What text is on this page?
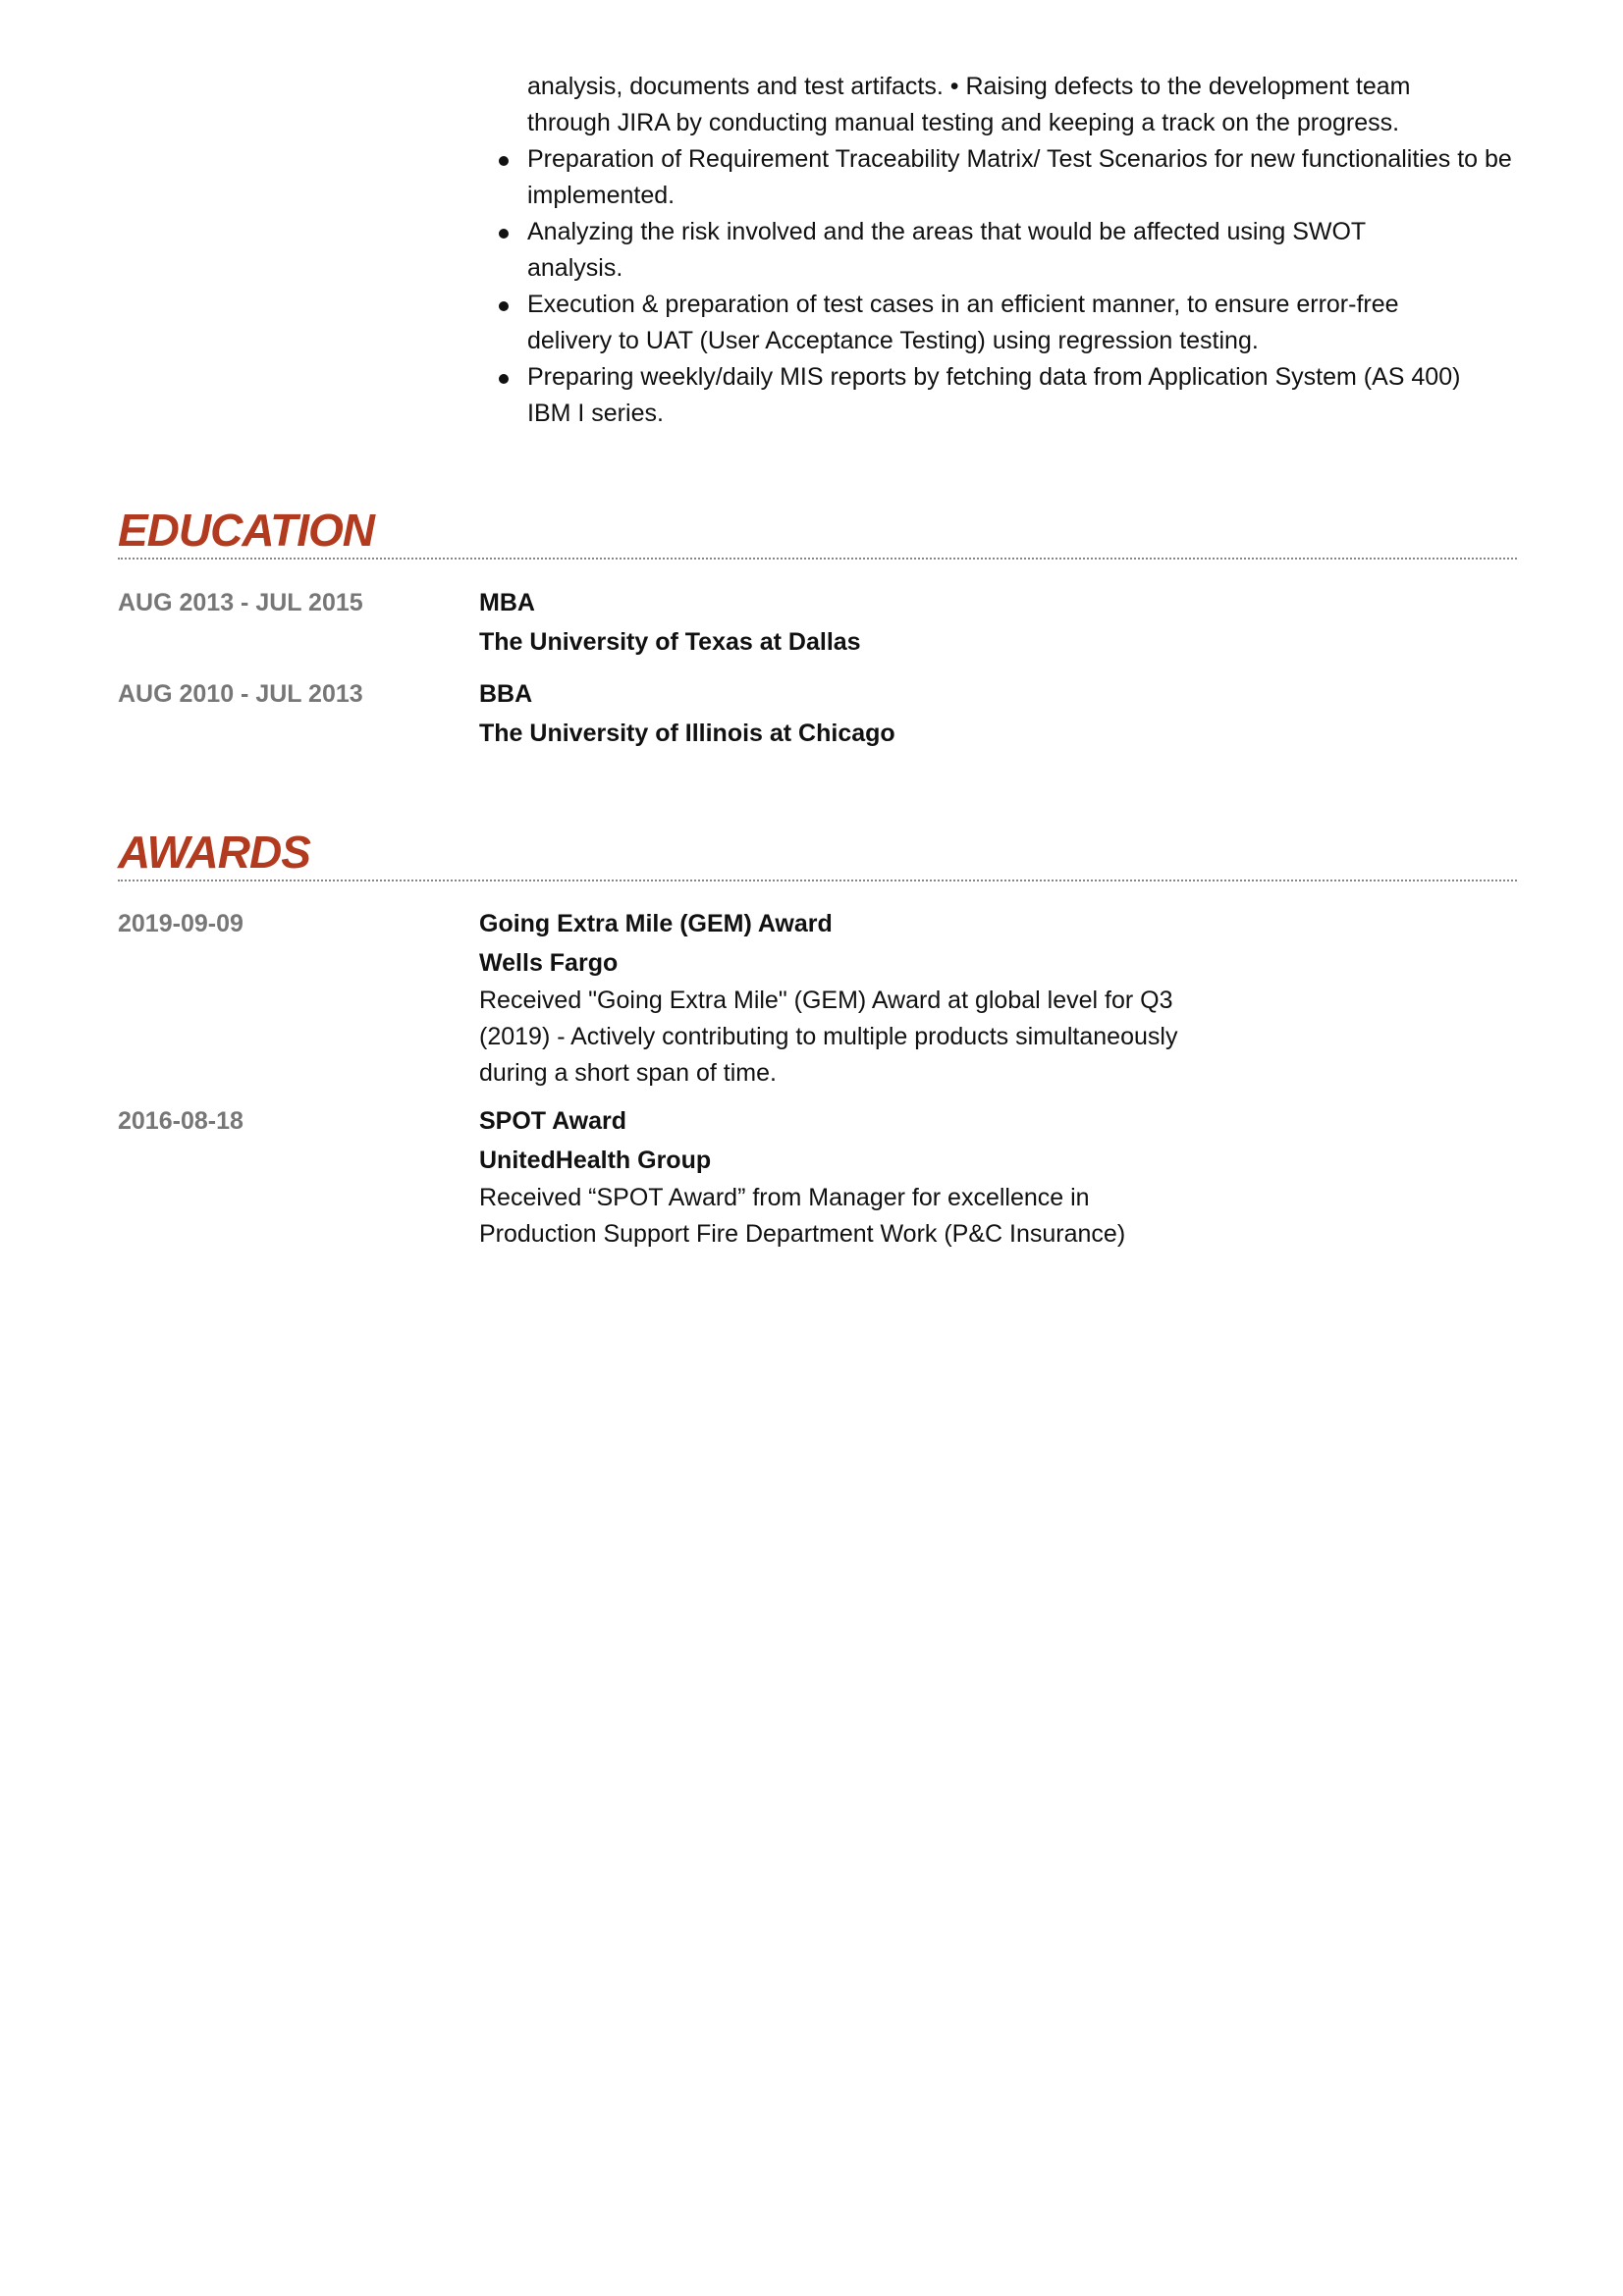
analysis, documents and test artifacts. • Raising defects to the development team through JIRA by conducting manual testing and keeping a track on the progress.
Preparation of Requirement Traceability Matrix/ Test Scenarios for new functionalities to be implemented.
Analyzing the risk involved and the areas that would be affected using SWOT analysis.
Execution & preparation of test cases in an efficient manner, to ensure error-free delivery to UAT (User Acceptance Testing) using regression testing.
Preparing weekly/daily MIS reports by fetching data from Application System (AS 400) IBM I series.
EDUCATION
AUG 2013 - JUL 2015	MBA
The University of Texas at Dallas
AUG 2010 - JUL 2013	BBA
The University of Illinois at Chicago
AWARDS
2019-09-09	Going Extra Mile (GEM) Award
Wells Fargo
Received "Going Extra Mile" (GEM) Award at global level for Q3 (2019) - Actively contributing to multiple products simultaneously during a short span of time.
2016-08-18	SPOT Award
UnitedHealth Group
Received “SPOT Award” from Manager for excellence in Production Support Fire Department Work (P&C Insurance)
